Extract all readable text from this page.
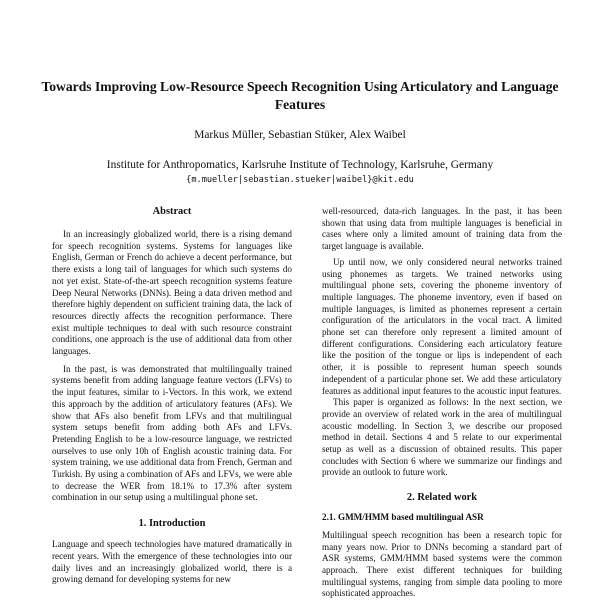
Towards Improving Low-Resource Speech Recognition Using Articulatory and Language Features
Markus Müller, Sebastian Stüker, Alex Waibel
Institute for Anthropomatics, Karlsruhe Institute of Technology, Karlsruhe, Germany
{m.mueller|sebastian.stueker|waibel}@kit.edu
Abstract

In an increasingly globalized world, there is a rising demand for speech recognition systems. Systems for languages like English, German or French do achieve a decent performance, but there exists a long tail of languages for which such systems do not yet exist. State-of-the-art speech recognition systems feature Deep Neural Networks (DNNs). Being a data driven method and therefore highly dependent on sufficient training data, the lack of resources directly affects the recognition performance. There exist multiple techniques to deal with such resource constraint conditions, one approach is the use of additional data from other languages.

In the past, is was demonstrated that multilingually trained systems benefit from adding language feature vectors (LFVs) to the input features, similar to i-Vectors. In this work, we extend this approach by the addition of articulatory features (AFs). We show that AFs also benefit from LFVs and that multilingual system setups benefit from adding both AFs and LFVs. Pretending English to be a low-resource language, we restricted ourselves to use only 10h of English acoustic training data. For system training, we use additional data from French, German and Turkish. By using a combination of AFs and LFVs, we were able to decrease the WER from 18.1% to 17.3% after system combination in our setup using a multilingual phone set.

1. Introduction

Language and speech technologies have matured dramatically in recent years. With the emergence of these technologies into our daily lives and an increasingly globalized world, there is a growing demand for developing systems for new

well-resourced, data-rich languages. In the past, it has been shown that using data from multiple languages is beneficial in cases where only a limited amount of training data from the target language is available.

Up until now, we only considered neural networks trained using phonemes as targets. We trained networks using multilingual phone sets, covering the phoneme inventory of multiple languages. The phoneme inventory, even if based on multiple languages, is limited as phonemes represent a certain configuration of the articulators in the vocal tract. A limited phone set can therefore only represent a limited amount of different configurations. Considering each articulatory feature like the position of the tongue or lips is independent of each other, it is possible to represent human speech sounds independent of a particular phone set. We add these articulatory features as additional input features to the acoustic input features.

This paper is organized as follows: In the next section, we provide an overview of related work in the area of multilingual acoustic modelling. In Section 3, we describe our proposed method in detail. Sections 4 and 5 relate to our experimental setup as well as a discussion of obtained results. This paper concludes with Section 6 where we summarize our findings and provide an outlook to future work.

2. Related work
2.1. GMM/HMM based multilingual ASR

Multilingual speech recognition has been a research topic for many years now. Prior to DNNs becoming a standard part of ASR systems, GMM/HMM based systems were the common approach. There exist different techniques for building multilingual systems, ranging from simple data pooling to more sophisticated approaches.
